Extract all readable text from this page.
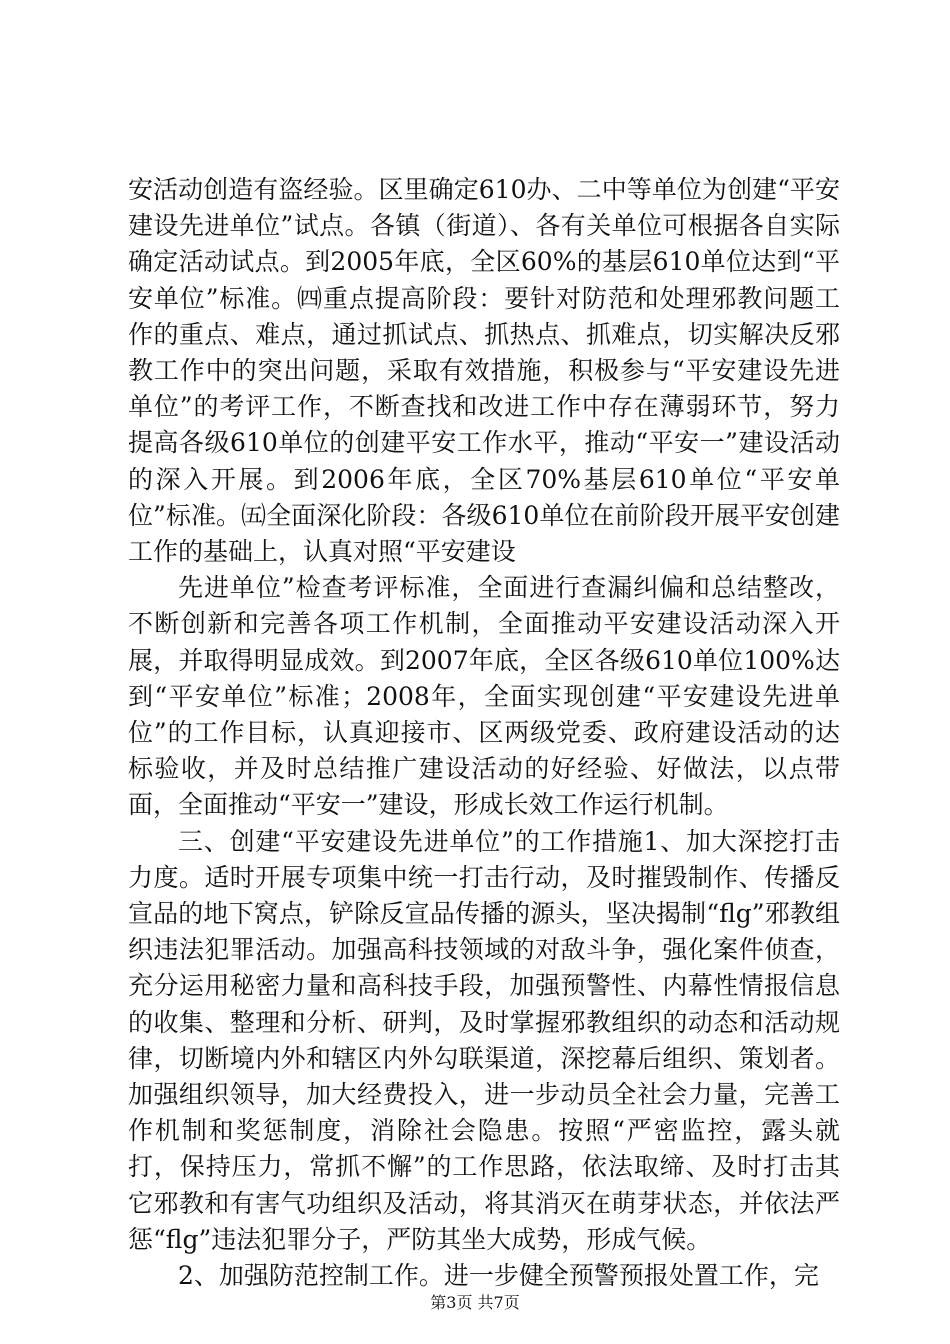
安活动创造有盗经验。区里确定610办、二中等单位为创建“平安建设先进单位”试点。各镇（街道）、各有关单位可根据各自实际确定活动试点。到2005年底，全区60%的基层610单位达到“平安单位”标准。㈣重点提高阶段：要针对防范和处理邪教问题工作的重点、难点，通过抓试点、抓热点、抓难点，切实解决反邪教工作中的突出问题，采取有效措施，积极参与“平安建设先进单位”的考评工作，不断查找和改进工作中存在薄弱环节，努力提高各级610单位的创建平安工作水平，推动“平安一”建设活动的深入开展。到2006年底，全区70%基层610单位“平安单位”标准。㈤全面深化阶段：各级610单位在前阶段开展平安创建工作的基础上，认真对照“平安建设

先进单位”检查考评标准，全面进行查漏纠偏和总结整改，不断创新和完善各项工作机制，全面推动平安建设活动深入开展，并取得明显成效。到2007年底，全区各级610单位100%达到“平安单位”标准；2008年，全面实现创建“平安建设先进单位”的工作目标，认真迎接市、区两级党委、政府建设活动的达标验收，并及时总结推广建设活动的好经验、好做法，以点带面，全面推动“平安一”建设，形成长效工作运行机制。

三、创建“平安建设先进单位”的工作措施1、加大深挖打击力度。适时开展专项集中统一打击行动，及时摧毁制作、传播反宣品的地下窝点，铲除反宣品传播的源头，坚决揭制“flg”邪教组织违法犯罪活动。加强高科技领域的对敌斗争，强化案件侦查，充分运用秘密力量和高科技手段，加强预警性、内幕性情报信息的收集、整理和分析、研判，及时掌握邪教组织的动态和活动规律，切断境内外和辖区内外勾联渠道，深挖幕后组织、策划者。加强组织领导，加大经费投入，进一步动员全社会力量，完善工作机制和奖惩制度，消除社会隐患。按照“严密监控，露头就打，保持压力，常抓不懈”的工作思路，依法取缔、及时打击其它邪教和有害气功组织及活动，将其消灭在萌芽状态，并依法严惩“flg”违法犯罪分子，严防其坐大成势，形成气候。

2、加强防范控制工作。进一步健全预警预报处置工作，完

第3页 共7页
